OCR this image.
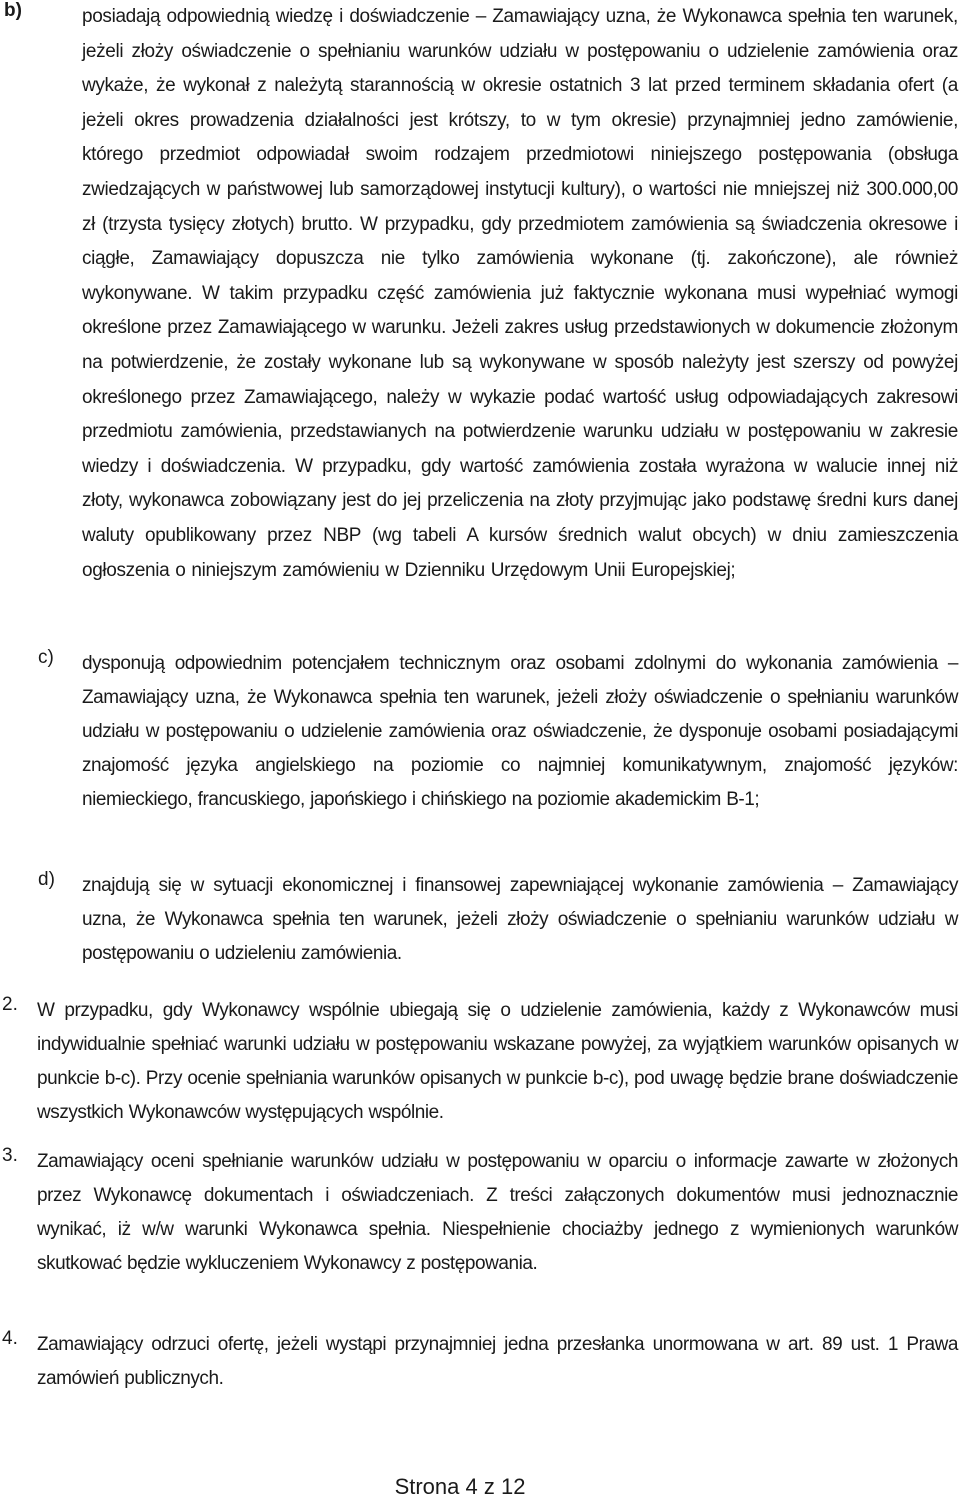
b)	posiadają odpowiednią wiedzę i doświadczenie – Zamawiający uzna, że Wykonawca spełnia ten warunek, jeżeli złoży oświadczenie o spełnianiu warunków udziału w postępowaniu o udzielenie zamówienia oraz wykaże, że wykonał z należytą starannością w okresie ostatnich 3 lat przed terminem składania ofert (a jeżeli okres prowadzenia działalności jest krótszy, to w tym okresie) przynajmniej jedno zamówienie, którego przedmiot odpowiadał swoim rodzajem przedmiotowi niniejszego postępowania (obsługa zwiedzających w państwowej lub samorządowej instytucji kultury), o wartości nie mniejszej niż 300.000,00 zł (trzysta tysięcy złotych) brutto. W przypadku, gdy przedmiotem zamówienia są świadczenia okresowe i ciągłe, Zamawiający dopuszcza nie tylko zamówienia wykonane (tj. zakończone), ale również wykonywane. W takim przypadku część zamówienia już faktycznie wykonana musi wypełniać wymogi określone przez Zamawiającego w warunku. Jeżeli zakres usług przedstawionych w dokumencie złożonym na potwierdzenie, że zostały wykonane lub są wykonywane w sposób należyty jest szerszy od powyżej określonego przez Zamawiającego, należy w wykazie podać wartość usług odpowiadających zakresowi przedmiotu zamówienia, przedstawianych na potwierdzenie warunku udziału w postępowaniu w zakresie wiedzy i doświadczenia. W przypadku, gdy wartość zamówienia została wyrażona w walucie innej niż złoty, wykonawca zobowiązany jest do jej przeliczenia na złoty przyjmując jako podstawę średni kurs danej waluty opublikowany przez NBP (wg tabeli A kursów średnich walut obcych) w dniu zamieszczenia ogłoszenia o niniejszym zamówieniu w Dzienniku Urzędowym Unii Europejskiej;

c) dysponują odpowiednim potencjałem technicznym oraz osobami zdolnymi do wykonania zamówienia – Zamawiający uzna, że Wykonawca spełnia ten warunek, jeżeli złoży oświadczenie o spełnianiu warunków udziału w postępowaniu o udzielenie zamówienia oraz oświadczenie, że dysponuje osobami posiadającymi znajomość języka angielskiego na poziomie co najmniej komunikatywnym, znajomość języków: niemieckiego, francuskiego, japońskiego i chińskiego na poziomie akademickim B-1;

d) znajdują się w sytuacji ekonomicznej i finansowej zapewniającej wykonanie zamówienia – Zamawiający uzna, że Wykonawca spełnia ten warunek, jeżeli złoży oświadczenie o spełnianiu warunków udziału w postępowaniu o udzieleniu zamówienia.

2. W przypadku, gdy Wykonawcy wspólnie ubiegają się o udzielenie zamówienia, każdy z Wykonawców musi indywidualnie spełniać warunki udziału w postępowaniu wskazane powyżej, za wyjątkiem warunków opisanych w punkcie b-c). Przy ocenie spełniania warunków opisanych w punkcie b-c), pod uwagę będzie brane doświadczenie wszystkich Wykonawców występujących wspólnie.

3. Zamawiający oceni spełnianie warunków udziału w postępowaniu w oparciu o informacje zawarte w złożonych przez Wykonawcę dokumentach i oświadczeniach. Z treści załączonych dokumentów musi jednoznacznie wynikać, iż w/w warunki Wykonawca spełnia. Niespełnienie chociażby jednego z wymienionych warunków skutkować będzie wykluczeniem Wykonawcy z postępowania.

4. Zamawiający odrzuci ofertę, jeżeli wystąpi przynajmniej jedna przesłanka unormowana w art. 89 ust. 1 Prawa zamówień publicznych.

Strona 4 z 12
